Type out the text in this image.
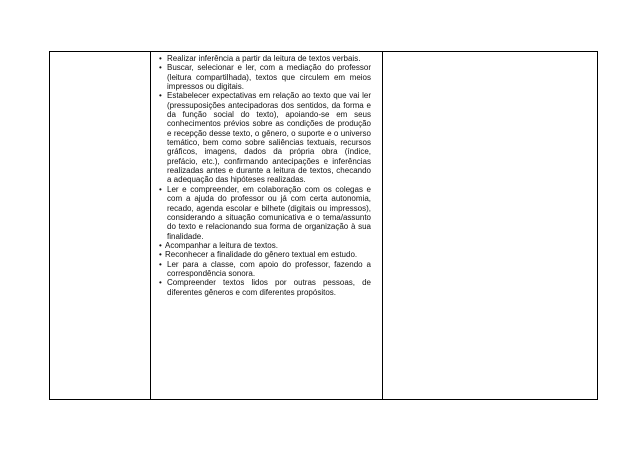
• Realizar inferência a partir da leitura de textos verbais.
• Buscar, selecionar e ler, com a mediação do professor (leitura compartilhada), textos que circulem em meios impressos ou digitais.
• Estabelecer expectativas em relação ao texto que vai ler (pressuposições antecipadoras dos sentidos, da forma e da função social do texto), apoiando-se em seus conhecimentos prévios sobre as condições de produção e recepção desse texto, o gênero, o suporte e o universo temático, bem como sobre saliências textuais, recursos gráficos, imagens, dados da própria obra (índice, prefácio, etc.), confirmando antecipações e inferências realizadas antes e durante a leitura de textos, checando a adequação das hipóteses realizadas.
• Ler e compreender, em colaboração com os colegas e com a ajuda do professor ou já com certa autonomia, recado, agenda escolar e bilhete (digitais ou impressos), considerando a situação comunicativa e o tema/assunto do texto e relacionando sua forma de organização à sua finalidade.
• Acompanhar a leitura de textos.
• Reconhecer a finalidade do gênero textual em estudo.
• Ler para a classe, com apoio do professor, fazendo a correspondência sonora.
• Compreender textos lidos por outras pessoas, de diferentes gêneros e com diferentes propósitos.
